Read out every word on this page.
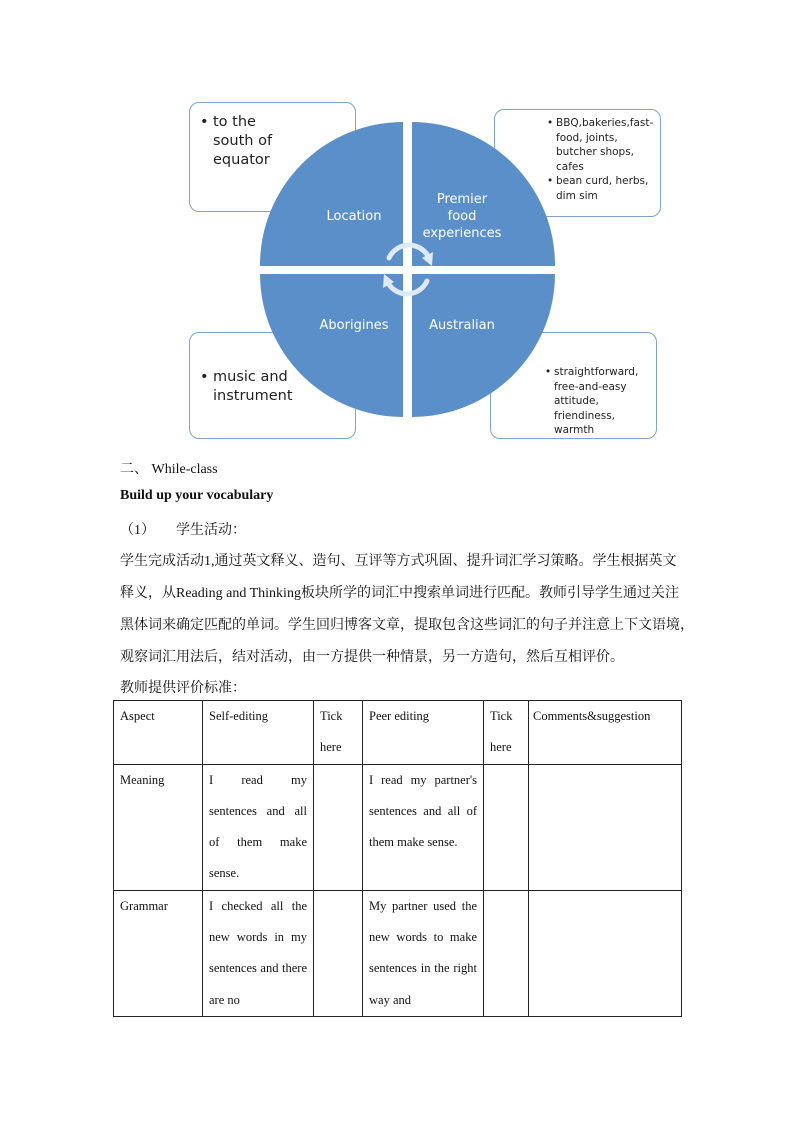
• to the south of equator
• BBQ,bakeries,fast-food, joints, butcher shops, cafes
• bean curd, herbs, dim sim
• music and instrument
• straightforward, free-and-easy attitude, friendiness, warmth
Location
Premier
food
experiences
Aborigines	Australian
二、 While-class
Build up your vocabulary
（1）      学生活动：
学生完成活动1,通过英文释义、造句、互评等方式巩固、提升词汇学习策略。学生根据英文
释义，从Reading and Thinking板块所学的词汇中搜索单词进行匹配。教师引导学生通过关注
黑体词来确定匹配的单词。学生回归博客文章，提取包含这些词汇的句子并注意上下文语境，
观察词汇用法后，结对活动，由一方提供一种情景，另一方造句，然后互相评价。
教师提供评价标准：
Aspect	Self-editing	Tick here	Peer editing	Tick here	Comments&suggestion
Meaning	I read my sentences and all of them make sense.		I read my partner's sentences and all of them make sense.		
Grammar	I checked all the new words in my sentences and there are no		My partner used the new words to make sentences in the right way and		
